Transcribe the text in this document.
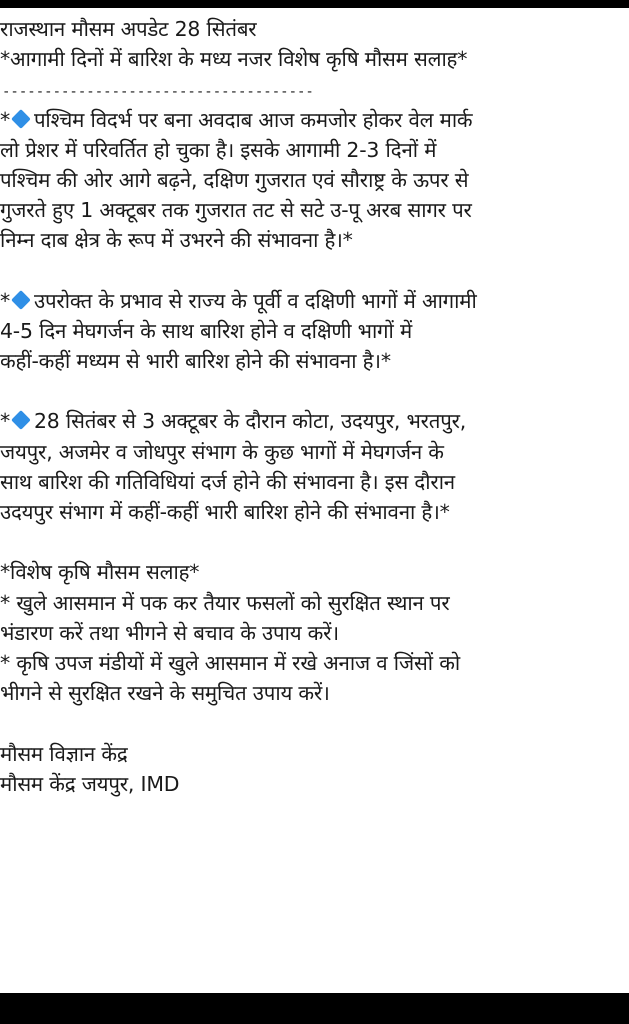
राजस्थान मौसम अपडेट 28 सितंबर
*आगामी दिनों में बारिश के मध्य नजर विशेष कृषि मौसम सलाह*
-------------------------------------
* पश्चिम विदर्भ पर बना अवदाब आज कमजोर होकर वेल मार्क
लो प्रेशर में परिवर्तित हो चुका है। इसके आगामी 2-3 दिनों में
पश्चिम की ओर आगे बढ़ने, दक्षिण गुजरात एवं सौराष्ट्र के ऊपर से
गुजरते हुए 1 अक्टूबर तक गुजरात तट से सटे उ-पू अरब सागर पर
निम्न दाब क्षेत्र के रूप में उभरने की संभावना है।*
* उपरोक्त के प्रभाव से राज्य के पूर्वी व दक्षिणी भागों में आगामी
4-5 दिन मेघगर्जन के साथ बारिश होने व दक्षिणी भागों में
कहीं-कहीं मध्यम से भारी बारिश होने की संभावना है।*
* 28 सितंबर से 3 अक्टूबर के दौरान कोटा, उदयपुर, भरतपुर,
जयपुर, अजमेर व जोधपुर संभाग के कुछ भागों में मेघगर्जन के
साथ बारिश की गतिविधियां दर्ज होने की संभावना है। इस दौरान
उदयपुर संभाग में कहीं-कहीं भारी बारिश होने की संभावना है।*
*विशेष कृषि मौसम सलाह*
* खुले आसमान में पक कर तैयार फसलों को सुरक्षित स्थान पर
भंडारण करें तथा भीगने से बचाव के उपाय करें।
* कृषि उपज मंडीयों में खुले आसमान में रखे अनाज व जिंसों को
भीगने से सुरक्षित रखने के समुचित उपाय करें।
मौसम विज्ञान केंद्र
मौसम केंद्र जयपुर, IMD
